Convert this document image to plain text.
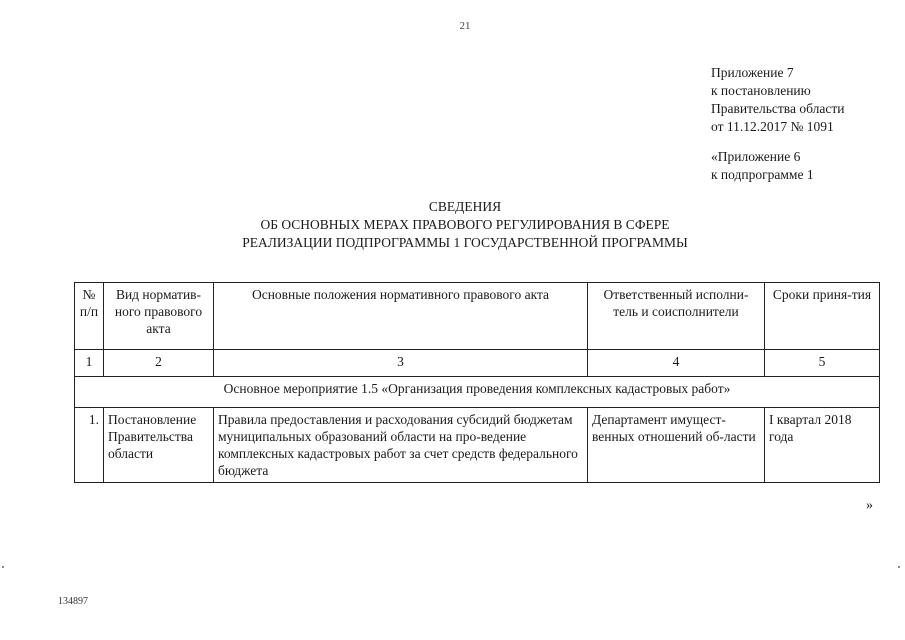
21
Приложение 7
к постановлению
Правительства области
от 11.12.2017 № 1091
«Приложение 6
к подпрограмме 1
СВЕДЕНИЯ
ОБ ОСНОВНЫХ МЕРАХ ПРАВОВОГО РЕГУЛИРОВАНИЯ В СФЕРЕ
РЕАЛИЗАЦИИ ПОДПРОГРАММЫ 1 ГОСУДАРСТВЕННОЙ ПРОГРАММЫ
№ п/п	Вид норматив-ного правового акта	Основные положения нормативного правового акта	Ответственный исполни-тель и соисполнители	Сроки приня-тия
1	2	3	4	5
Основное мероприятие 1.5 «Организация проведения комплексных кадастровых работ»				
1.	Постановление Правительства области	Правила предоставления и расходования субсидий бюджетам муниципальных образований области на про-ведение комплексных кадастровых работ за счет средств федерального бюджета	Департамент имущест-венных отношений об-ласти	I квартал 2018 года
»
134897
